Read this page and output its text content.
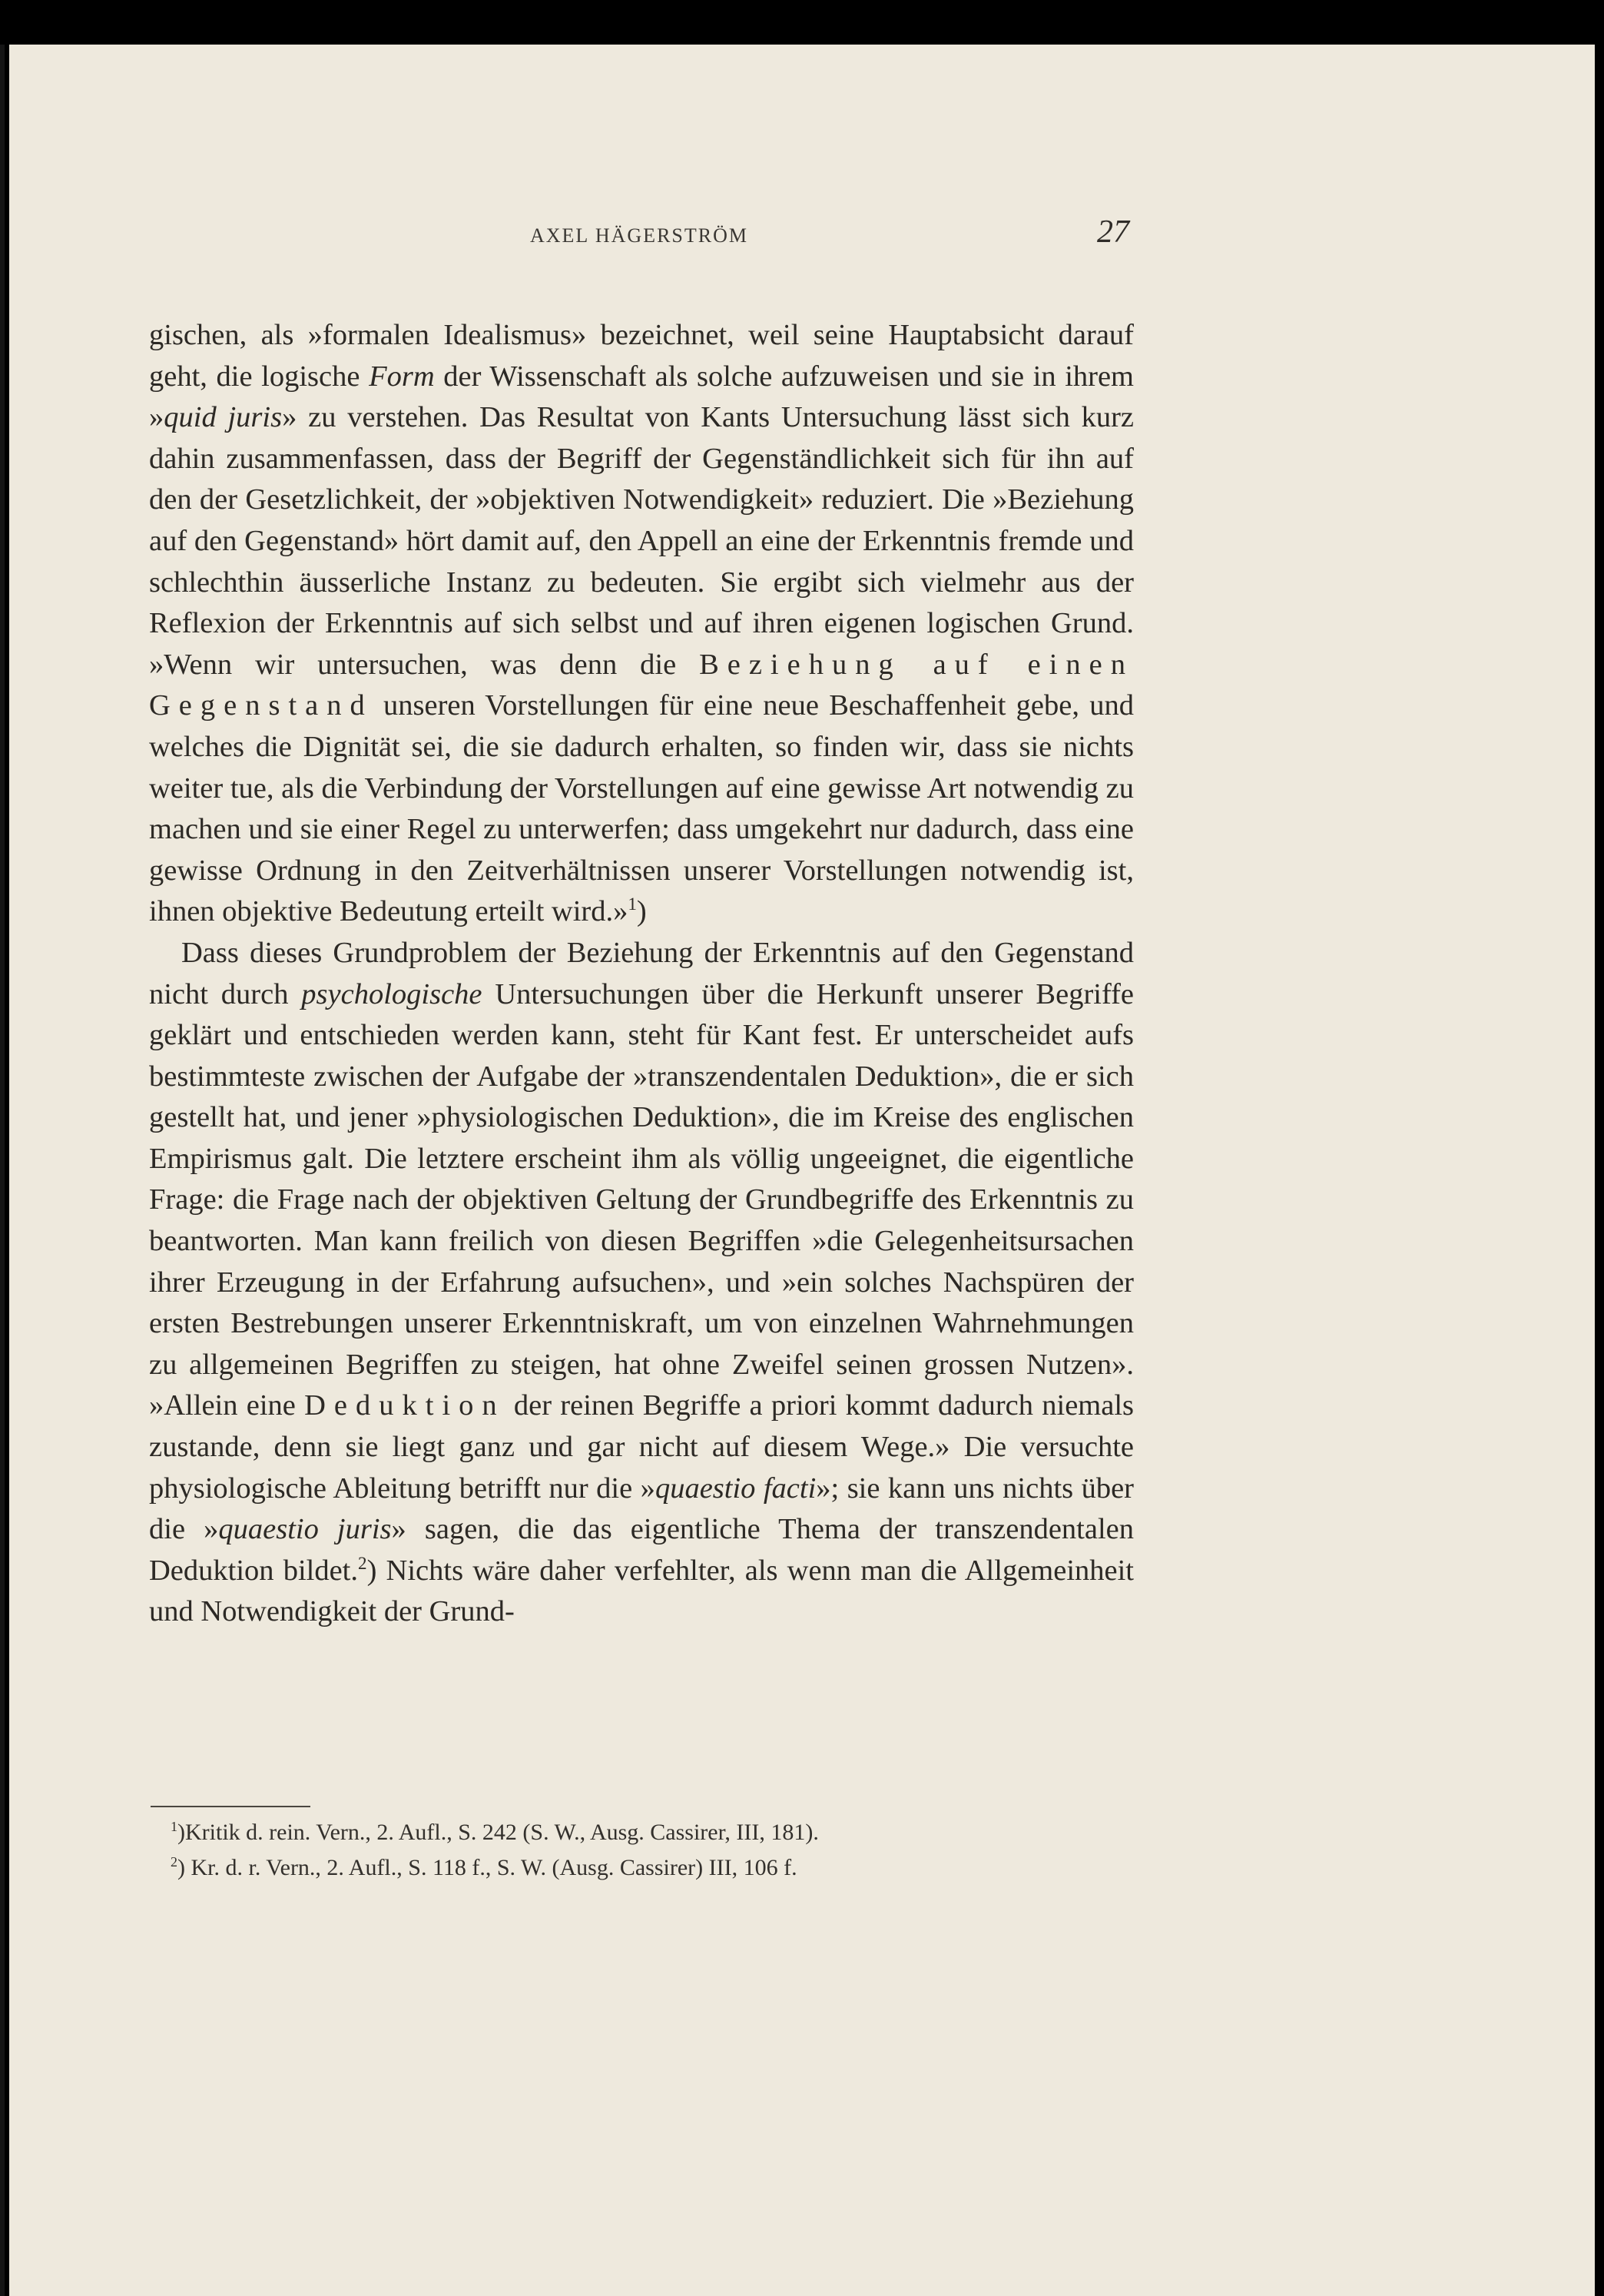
AXEL HÄGERSTRÖM	27

gischen, als »formalen Idealismus» bezeichnet, weil seine Hauptabsicht darauf geht, die logische Form der Wissenschaft als solche aufzuweisen und sie in ihrem »quid juris» zu verstehen. Das Resultat von Kants Untersuchung lässt sich kurz dahin zusammenfassen, dass der Begriff der Gegenständlichkeit sich für ihn auf den der Gesetzlichkeit, der »objektiven Notwendigkeit» reduziert. Die »Beziehung auf den Gegenstand» hört damit auf, den Appell an eine der Erkenntnis fremde und schlechthin äusserliche Instanz zu bedeuten. Sie ergibt sich vielmehr aus der Reflexion der Erkenntnis auf sich selbst und auf ihren eigenen logischen Grund. »Wenn wir untersuchen, was denn die Beziehung auf einen Gegenstand unseren Vorstellungen für eine neue Beschaffenheit gebe, und welches die Dignität sei, die sie dadurch erhalten, so finden wir, dass sie nichts weiter tue, als die Verbindung der Vorstellungen auf eine gewisse Art notwendig zu machen und sie einer Regel zu unterwerfen; dass umgekehrt nur dadurch, dass eine gewisse Ordnung in den Zeitverhältnissen unserer Vorstellungen notwendig ist, ihnen objektive Bedeutung erteilt wird.»$^1$)

Dass dieses Grundproblem der Beziehung der Erkenntnis auf den Gegenstand nicht durch psychologische Untersuchungen über die Herkunft unserer Begriffe geklärt und entschieden werden kann, steht für Kant fest. Er unterscheidet aufs bestimmteste zwischen der Aufgabe der »transzendentalen Deduktion», die er sich gestellt hat, und jener »physiologischen Deduktion», die im Kreise des englischen Empirismus galt. Die letztere erscheint ihm als völlig ungeeignet, die eigentliche Frage: die Frage nach der objektiven Geltung der Grundbegriffe des Erkenntnis zu beantworten. Man kann freilich von diesen Begriffen »die Gelegenheitsursachen ihrer Erzeugung in der Erfahrung aufsuchen», und »ein solches Nachspüren der ersten Bestrebungen unserer Erkenntniskraft, um von einzelnen Wahrnehmungen zu allgemeinen Begriffen zu steigen, hat ohne Zweifel seinen grossen Nutzen». »Allein eine Deduktion der reinen Begriffe a priori kommt dadurch niemals zustande, denn sie liegt ganz und gar nicht auf diesem Wege.» Die versuchte physiologische Ableitung betrifft nur die »quaestio facti»; sie kann uns nichts über die »quaestio juris» sagen, die das eigentliche Thema der transzendentalen Deduktion bildet.$^2$) Nichts wäre daher verfehlter, als wenn man die Allgemeinheit und Notwendigkeit der Grund-

$^1$)Kritik d. rein. Vern., 2. Aufl., S. 242 (S. W., Ausg. Cassirer, III, 181).

$^2$) Kr. d. r. Vern., 2. Aufl., S. 118 f., S. W. (Ausg. Cassirer) III, 106 f.
